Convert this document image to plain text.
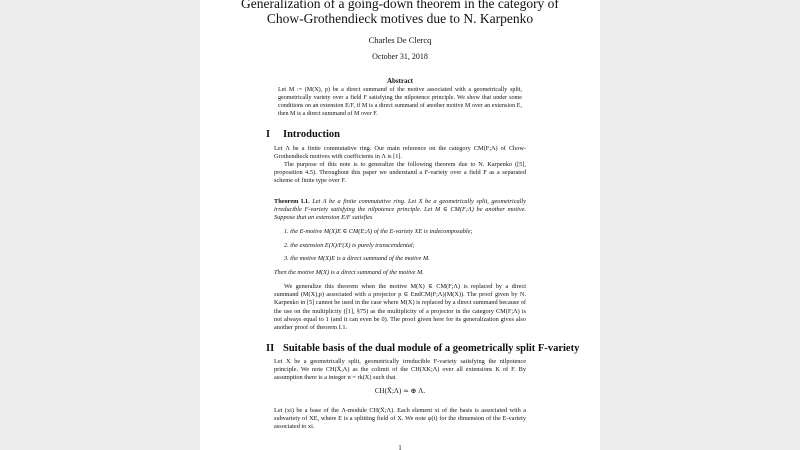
Generalization of a going-down theorem in the category of
Chow-Grothendieck motives due to N. Karpenko
Charles De Clercq
October 31, 2018
Abstract
Let M := (M(X), p) be a direct summand of the motive associated with a geometrically split, geometrically variety over a field F satisfying the nilpotence principle. We show that under some conditions on an extension E/F, if M is a direct summand of another motive M over an extension E, then M is a direct summand of M over F.
I Introduction
Let Λ be a finite commutative ring. Our main reference on the category CM(F;Λ) of Chow-Grothendieck motives with coefficients in Λ is [1].
The purpose of this note is to generalize the following theorem due to N. Karpenko ([5], proposition 4.5). Throughout this paper we understand a F-variety over a field F as a separated scheme of finite type over F.
Theorem I.1. Let Λ be a finite commutative ring. Let X be a geometrically split, geometrically irreducible F-variety satisfying the nilpotence principle. Let M ∈ CM(F;Λ) be another motive. Suppose that an extension E/F satisfies
1. the E-motive M(X)E ∈ CM(E;Λ) of the E-variety XE is indecomposable;
2. the extension E(X)/F(X) is purely transcendental;
3. the motive M(X)E is a direct summand of the motive M.
Then the motive M(X) is a direct summand of the motive M.
We generalize this theorem when the motive M(X) ∈ CM(F;Λ) is replaced by a direct summand (M(X),p) associated with a projector p ∈ EndCM(F;Λ)(M(X)). The proof given by N. Karpenko in [5] cannot be used in the case where M(X) is replaced by a direct summand because of the use on the multiplicity ([1], §75) as the multiplicity of a projector in the category CM(F;Λ) is not always equal to 1 (and it can even be 0). The proof given here for its generalization gives also another proof of theorem I.1.
II Suitable basis of the dual module of a geometrically split F-variety
Let X be a geometrically split, geometrically irreducible F-variety satisfying the nilpotence principle. We note CH(X̄,Λ) as the colimit of the CH(XK;Λ) over all extensions K of F. By assumption there is a integer n = rk(X) such that
CH(X̄;Λ) ≃ ⊕ Λ.
Let (xi) be a base of the Λ-module CH(X̄;Λ). Each element xi of the basis is associated with a subvariety of XE, where E is a splitting field of X. We note φ(i) for the dimension of the E-variety associated to xi.
1
